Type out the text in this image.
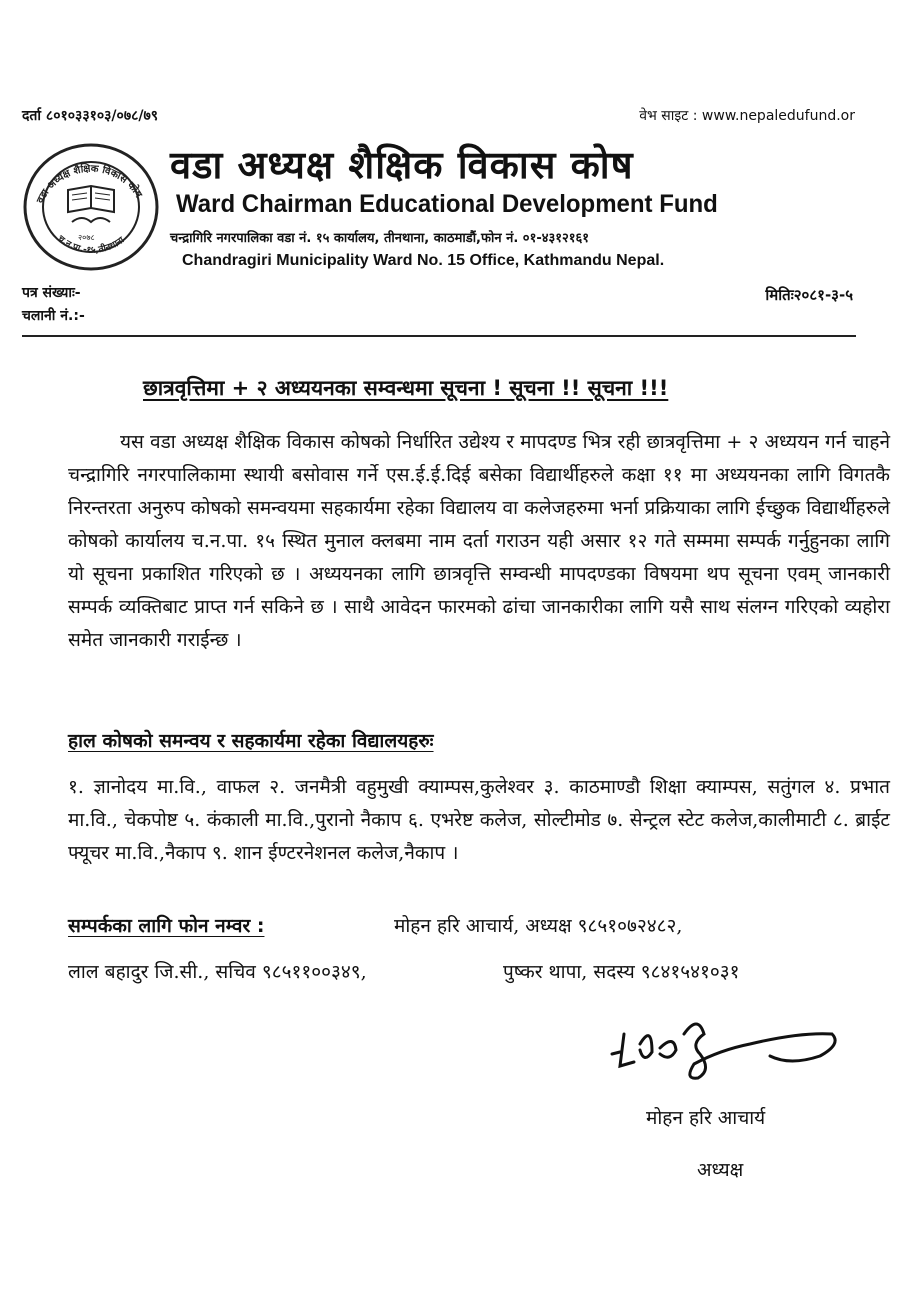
दर्ता ८०१०३३१०३/०७८/७९	वेभ साइट : www.nepaledufund.or
वडा अध्यक्ष शैक्षिक विकास कोष
च.न.पा.-१५,तीनथाना
२०७८
वडा अध्यक्ष शैक्षिक विकास कोष
Ward Chairman Educational Development Fund
चन्द्रागिरि नगरपालिका वडा नं. १५ कार्यालय, तीनथाना, काठमाडौं,फोन नं. ०१-४३१२१६१
Chandragiri Municipality Ward No. 15 Office, Kathmandu Nepal.
पत्र संख्याः-
चलानी नं.:-
मितिः२०८१-३-५
छात्रवृत्तिमा + २ अध्ययनका सम्वन्धमा सूचना ! सूचना !! सूचना !!!
यस वडा अध्यक्ष शैक्षिक विकास कोषको निर्धारित उद्येश्य र मापदण्ड भित्र रही छात्रवृत्तिमा + २ अध्ययन गर्न चाहने चन्द्रागिरि नगरपालिकामा स्थायी बसोवास गर्ने एस.ई.ई.दिई बसेका विद्यार्थीहरुले कक्षा ११ मा अध्ययनका लागि विगतकै निरन्तरता अनुरुप कोषको समन्वयमा सहकार्यमा रहेका विद्यालय वा कलेजहरुमा भर्ना प्रक्रियाका लागि ईच्छुक विद्यार्थीहरुले कोषको कार्यालय च.न.पा. १५ स्थित मुनाल क्लबमा नाम दर्ता गराउन यही असार १२ गते सम्ममा सम्पर्क गर्नुहुनका लागि यो सूचना प्रकाशित गरिएको छ । अध्ययनका लागि छात्रवृत्ति सम्वन्धी मापदण्डका विषयमा थप सूचना एवम् जानकारी सम्पर्क व्यक्तिबाट प्राप्त गर्न सकिने छ । साथै आवेदन फारमको ढांचा जानकारीका लागि यसै साथ संलग्न गरिएको व्यहोरा समेत जानकारी गराईन्छ ।
हाल कोषको समन्वय र सहकार्यमा रहेका विद्यालयहरुः
१. ज्ञानोदय मा.वि., वाफल २. जनमैत्री वहुमुखी क्याम्पस,कुलेश्वर ३. काठमाण्डौ शिक्षा क्याम्पस, सतुंगल ४. प्रभात मा.वि., चेकपोष्ट ५. कंकाली मा.वि.,पुरानो नैकाप ६. एभरेष्ट कलेज, सोल्टीमोड ७. सेन्ट्रल स्टेट कलेज,कालीमाटी ८. ब्राईट फ्यूचर मा.वि.,नैकाप ९. शान ईण्टरनेशनल कलेज,नैकाप ।
सम्पर्कका लागि फोन नम्वर :	मोहन हरि आचार्य, अध्यक्ष ९८५१०७२४८२,
लाल बहादुर जि.सी., सचिव ९८५११००३४९,	पुष्कर थापा, सदस्य ९८४१५४१०३१
मोहन हरि आचार्य
अध्यक्ष
